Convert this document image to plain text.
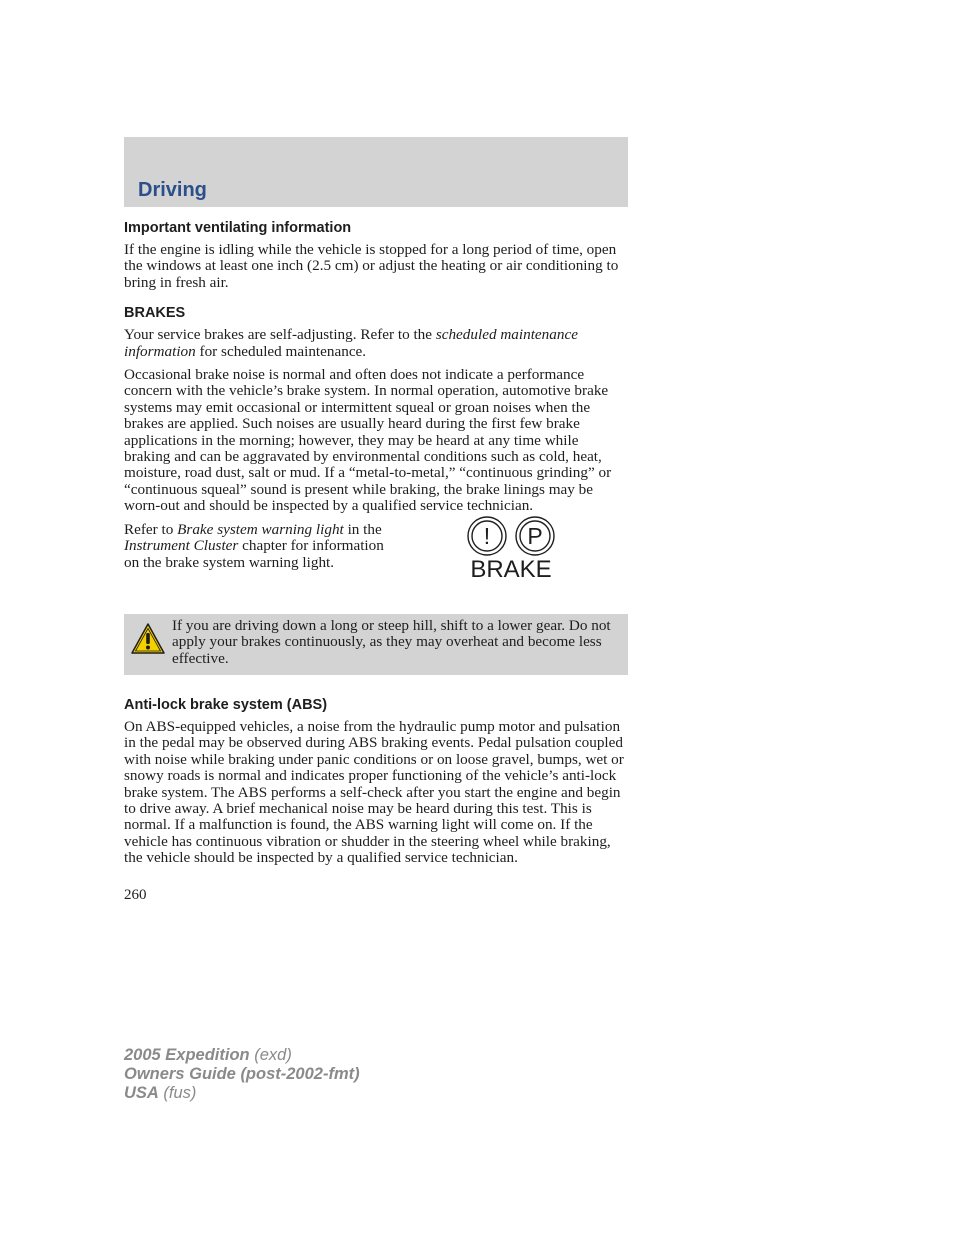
Driving
Important ventilating information

If the engine is idling while the vehicle is stopped for a long period of time, open the windows at least one inch (2.5 cm) or adjust the heating or air conditioning to bring in fresh air.

BRAKES

Your service brakes are self-adjusting. Refer to the scheduled maintenance information for scheduled maintenance.

Occasional brake noise is normal and often does not indicate a performance concern with the vehicle’s brake system. In normal operation, automotive brake systems may emit occasional or intermittent squeal or groan noises when the brakes are applied. Such noises are usually heard during the first few brake applications in the morning; however, they may be heard at any time while braking and can be aggravated by environmental conditions such as cold, heat, moisture, road dust, salt or mud. If a “metal-to-metal,” “continuous grinding” or “continuous squeal” sound is present while braking, the brake linings may be worn-out and should be inspected by a qualified service technician.

Refer to Brake system warning light in the Instrument Cluster chapter for information on the brake system warning light.

! P
BRAKE

If you are driving down a long or steep hill, shift to a lower gear. Do not apply your brakes continuously, as they may overheat and become less effective.

Anti-lock brake system (ABS)

On ABS-equipped vehicles, a noise from the hydraulic pump motor and pulsation in the pedal may be observed during ABS braking events. Pedal pulsation coupled with noise while braking under panic conditions or on loose gravel, bumps, wet or snowy roads is normal and indicates proper functioning of the vehicle’s anti-lock brake system. The ABS performs a self-check after you start the engine and begin to drive away. A brief mechanical noise may be heard during this test. This is normal. If a malfunction is found, the ABS warning light will come on. If the vehicle has continuous vibration or shudder in the steering wheel while braking, the vehicle should be inspected by a qualified service technician.

260
2005 Expedition (exd)
Owners Guide (post-2002-fmt)
USA (fus)
